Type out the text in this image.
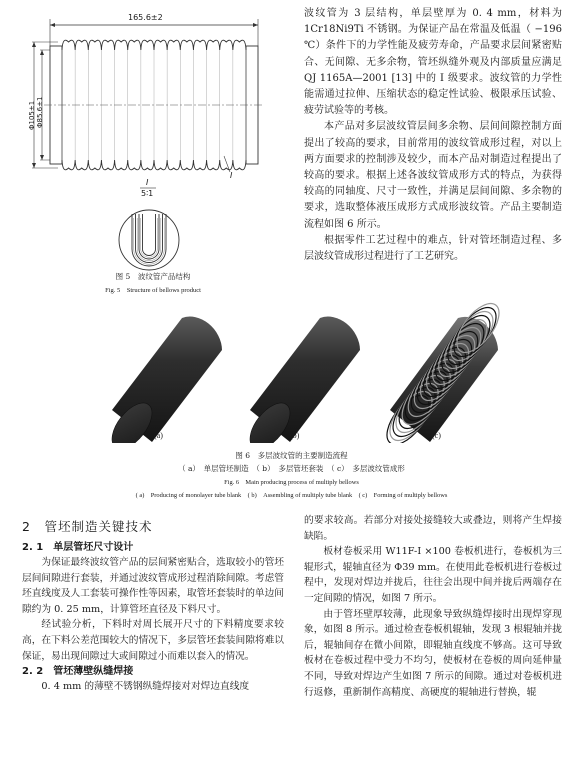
165.6±2
Φ105±1 Φ85.6±1
I
I
5∶1
图 5　波纹管产品结构
Fig. 5　Structure of bellows product

波纹管为 3 层结构，单层壁厚为 0. 4 mm，材料为 1Cr18Ni9Ti 不锈钢。为保证产品在常温及低温（ −196 ℃）条件下的力学性能及疲劳寿命，产品要求层间紧密贴合、无间隙、无多余物，管坯纵缝外观及内部质量应满足 QJ 1165A—2001 [13] 中的 Ⅰ 级要求。波纹管的力学性能需通过拉伸、压缩状态的稳定性试验、极限承压试验、疲劳试验等的考核。

本产品对多层波纹管层间多余物、层间间隙控制方面提出了较高的要求，目前常用的波纹管成形过程，对以上两方面要求的控制涉及较少，而本产品对制造过程提出了较高的要求。根据上述各波纹管成形方式的特点，为获得较高的同轴度、尺寸一致性，并满足层间间隙、多余物的要求，选取整体液压成形方式成形波纹管。产品主要制造流程如图 6 所示。

根据零件工艺过程中的难点，针对管坯制造过程、多层波纹管成形过程进行了工艺研究。

(a)	(b)	(c)
图 6　多层波纹管的主要制造流程
（ a）　单层管坯制造　（ b）　多层管坯套装　（ c）　多层波纹管成形
Fig. 6　Main producing process of multiply bellows
( a)　Producing of monolayer tube blank　( b)　Assembling of multiply tube blank　( c)　Forming of multiply bellows

2　管坯制造关键技术

2. 1　单层管坯尺寸设计

为保证最终波纹管产品的层间紧密贴合，选取较小的管坯层间间隙进行套装，并通过波纹管成形过程消除间隙。考虑管坯直线度及人工套装可操作性等因素，取管坯套装时的单边间隙约为 0. 25 mm，计算管坯直径及下料尺寸。

经试验分析，下料时对周长展开尺寸的下料精度要求较高，在下料公差范围较大的情况下，多层管坯套装间隙将难以保证，易出现间隙过大或间隙过小而难以套入的情况。

2. 2　管坯薄壁纵缝焊接

0. 4 mm 的薄壁不锈钢纵缝焊接对对焊边直线度

的要求较高。若部分对接处接缝较大或叠边，则将产生焊接缺陷。

板材卷板采用 W11F-I ×100 卷板机进行，卷板机为三辊形式，辊轴直径为 Φ39 mm。在使用此卷板机进行卷板过程中，发现对焊边并拢后，往往会出现中间并拢后两端存在一定间隙的情况，如图 7 所示。

由于管坯壁厚较薄，此现象导致纵缝焊接时出现焊穿现象，如图 8 所示。通过检查卷板机辊轴，发现 3 根辊轴并拢后，辊轴间存在微小间隙，即辊轴直线度不够高。这可导致板材在卷板过程中受力不均匀，使板材在卷板的周向延伸量不同，导致对焊边产生如图 7 所示的间隙。通过对卷板机进行返修，重新制作高精度、高硬度的辊轴进行替换，辊
